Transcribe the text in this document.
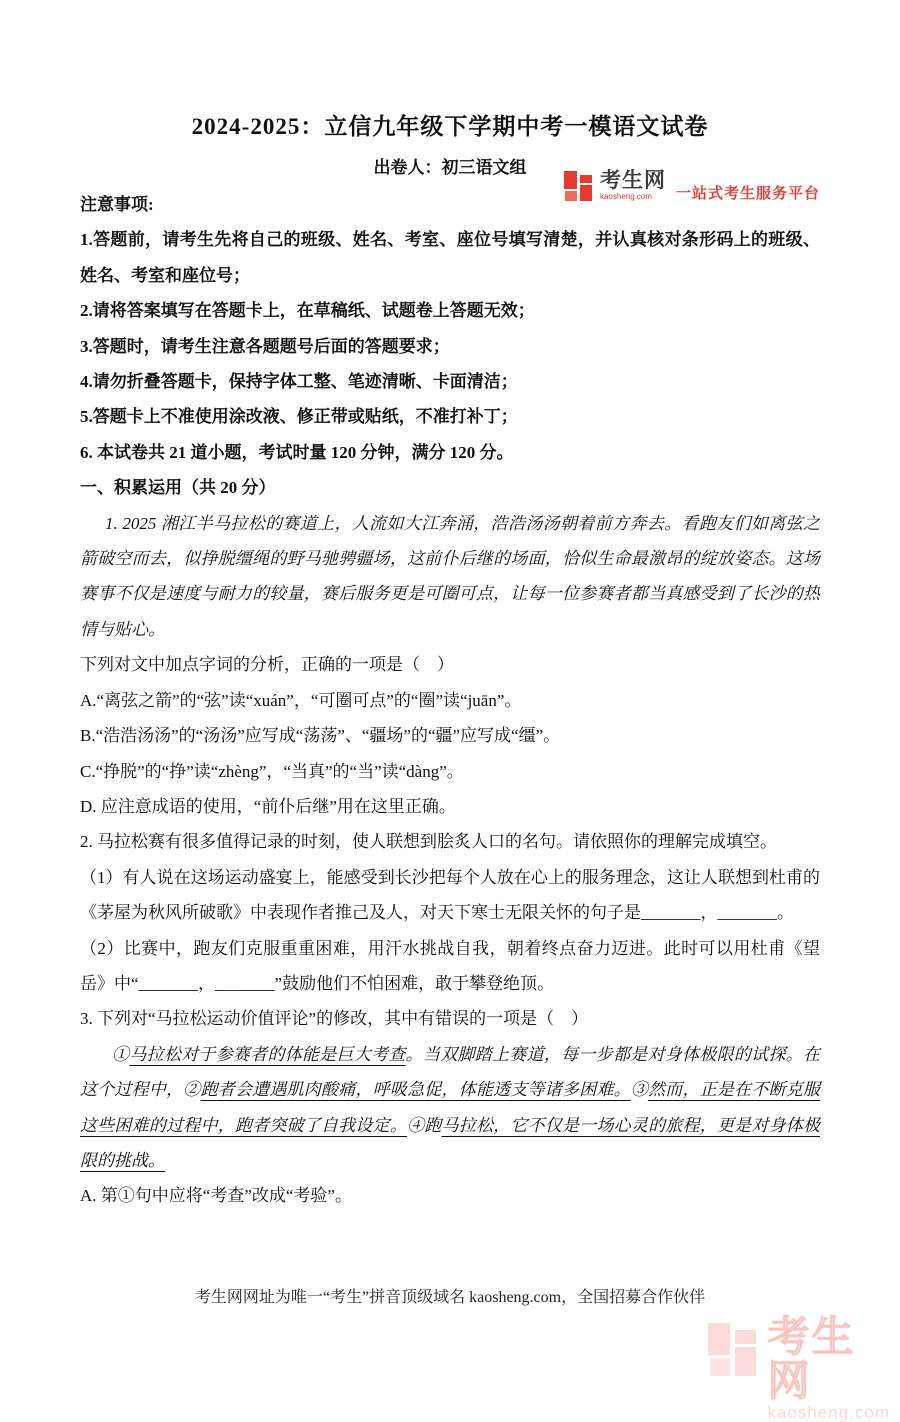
考生网
kaosheng.com	一站式考生服务平台
2024-2025：立信九年级下学期中考一模语文试卷
出卷人：初三语文组

注意事项:

1.答题前，请考生先将自己的班级、姓名、考室、座位号填写清楚，并认真核对条形码上的班级、姓名、考室和座位号；

2.请将答案填写在答题卡上，在草稿纸、试题卷上答题无效；

3.答题时，请考生注意各题题号后面的答题要求；

4.请勿折叠答题卡，保持字体工整、笔迹清晰、卡面清洁；

5.答题卡上不准使用涂改液、修正带或贴纸，不准打补丁；

6. 本试卷共 21 道小题，考试时量 120 分钟，满分 120 分。

一、积累运用（共 20 分）

1. 2025 湘江半马拉松的赛道上，人流如大江奔涌，浩浩汤汤朝着前方奔去。看跑友们如离弦之箭破空而去，似挣脱缰绳的野马驰骋疆场，这前仆后继的场面，恰似生命最激昂的绽放姿态。这场赛事不仅是速度与耐力的较量，赛后服务更是可圈可点，让每一位参赛者都当真感受到了长沙的热情与贴心。

下列对文中加点字词的分析，正确的一项是（　）

A.“离弦之箭”的“弦”读“xuán”，“可圈可点”的“圈”读“juān”。

B.“浩浩汤汤”的“汤汤”应写成“荡荡”、“疆场”的“疆”应写成“缰”。

C.“挣脱”的“挣”读“zhèng”，“当真”的“当”读“dàng”。

D. 应注意成语的使用，“前仆后继”用在这里正确。

2. 马拉松赛有很多值得记录的时刻，使人联想到脍炙人口的名句。请依照你的理解完成填空。

（1）有人说在这场运动盛宴上，能感受到长沙把每个人放在心上的服务理念，这让人联想到杜甫的《茅屋为秋风所破歌》中表现作者推己及人，对天下寒士无限关怀的句子是_______，_______。

（2）比赛中，跑友们克服重重困难，用汗水挑战自我，朝着终点奋力迈进。此时可以用杜甫《望岳》中“_______，_______”鼓励他们不怕困难，敢于攀登绝顶。

3. 下列对“马拉松运动价值评论”的修改，其中有错误的一项是（　）

①马拉松对于参赛者的体能是巨大考查。当双脚踏上赛道，每一步都是对身体极限的试探。在这个过程中，②跑者会遭遇肌肉酸痛，呼吸急促，体能透支等诸多困难。③然而，正是在不断克服这些困难的过程中，跑者突破了自我设定。④跑马拉松，它不仅是一场心灵的旅程，更是对身体极限的挑战。

A. 第①句中应将“考查”改成“考验”。

考生网网址为唯一“考生”拼音顶级域名 kaosheng.com，全国招募合作伙伴
考生网
kaosheng.com
